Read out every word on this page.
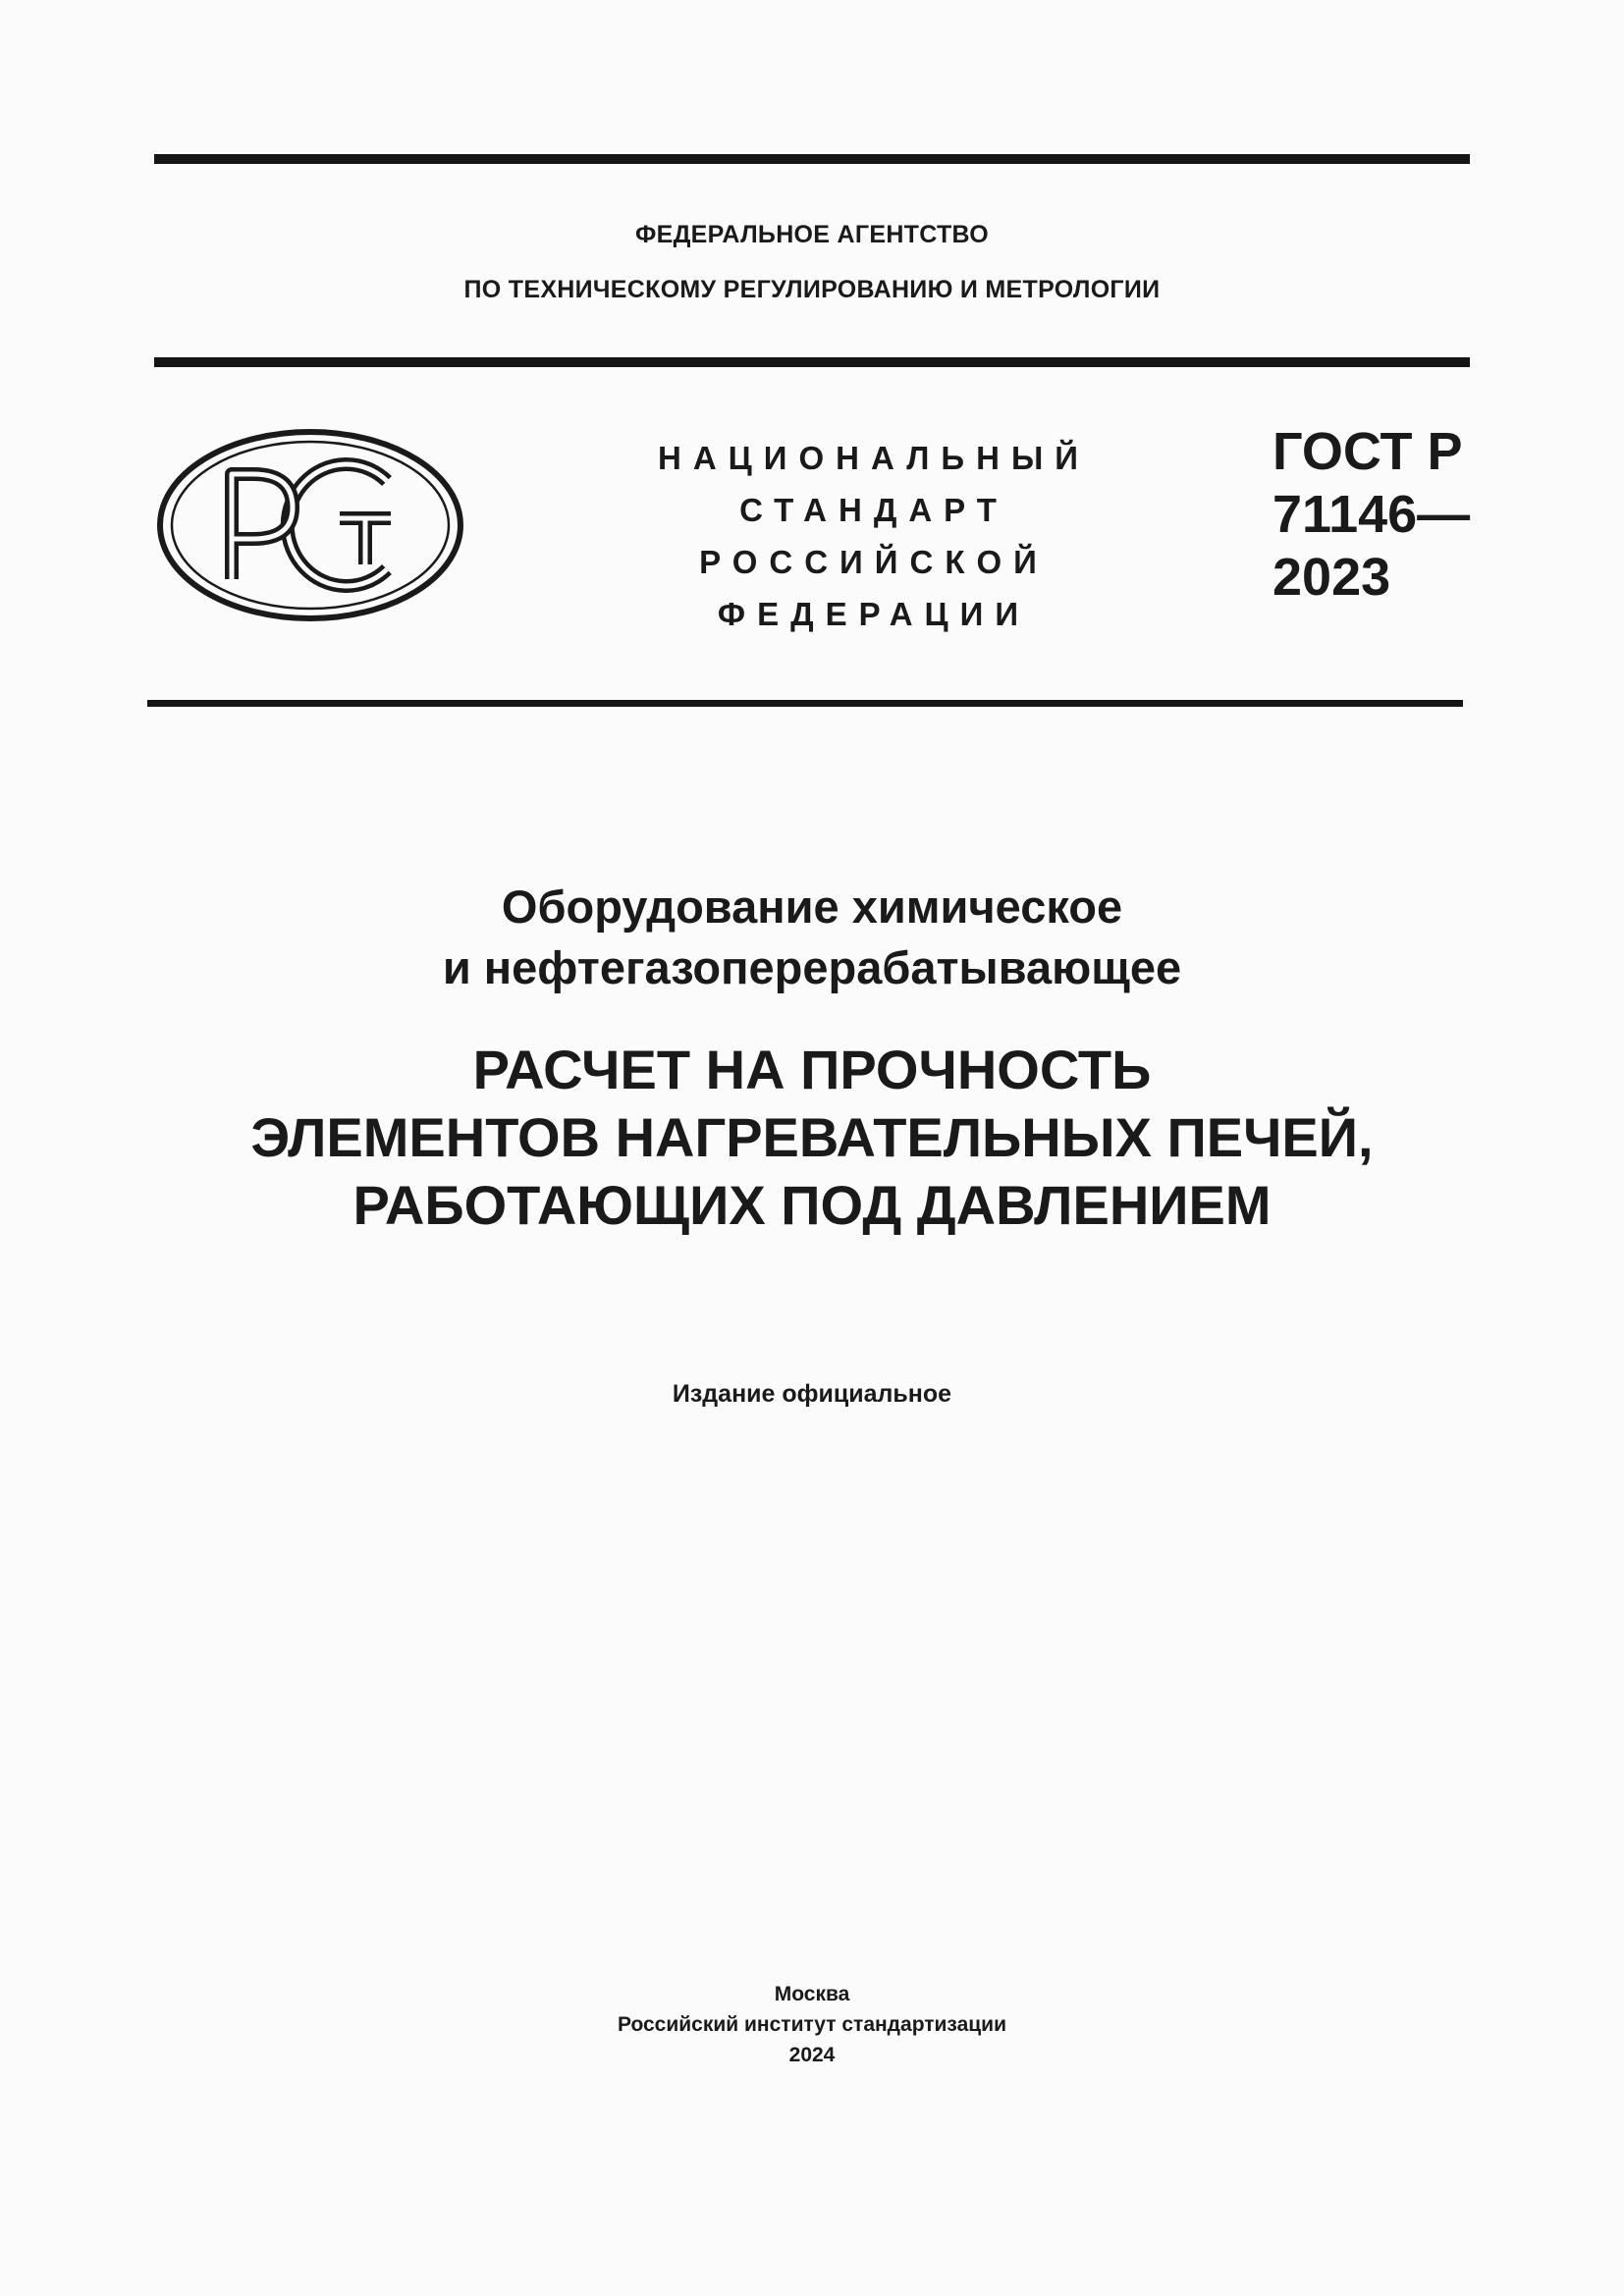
ФЕДЕРАЛЬНОЕ АГЕНТСТВО
ПО ТЕХНИЧЕСКОМУ РЕГУЛИРОВАНИЮ И МЕТРОЛОГИИ
НАЦИОНАЛЬНЫЙ
СТАНДАРТ
РОССИЙСКОЙ
ФЕДЕРАЦИИ
ГОСТ Р
71146—
2023
Оборудование химическое
и нефтегазоперерабатывающее
РАСЧЕТ НА ПРОЧНОСТЬ
ЭЛЕМЕНТОВ НАГРЕВАТЕЛЬНЫХ ПЕЧЕЙ,
РАБОТАЮЩИХ ПОД ДАВЛЕНИЕМ
Издание официальное
Москва
Российский институт стандартизации
2024
